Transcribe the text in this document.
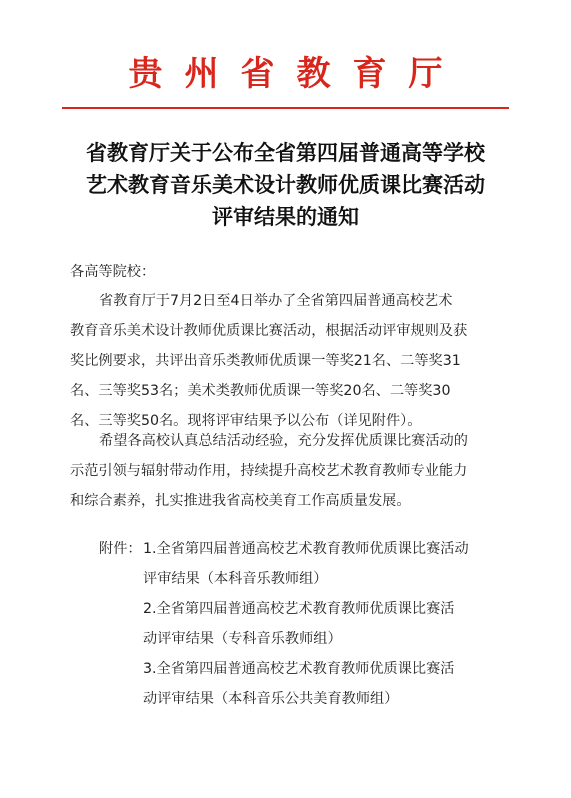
贵州省教育厅
省教育厅关于公布全省第四届普通高等学校
艺术教育音乐美术设计教师优质课比赛活动
评审结果的通知
各高等院校：
省教育厅于7月2日至4日举办了全省第四届普通高校艺术
教育音乐美术设计教师优质课比赛活动，根据活动评审规则及获
奖比例要求，共评出音乐类教师优质课一等奖21名、二等奖31
名、三等奖53名；美术类教师优质课一等奖20名、二等奖30
名、三等奖50名。现将评审结果予以公布（详见附件）。
希望各高校认真总结活动经验，充分发挥优质课比赛活动的
示范引领与辐射带动作用，持续提升高校艺术教育教师专业能力
和综合素养，扎实推进我省高校美育工作高质量发展。
附件：1.全省第四届普通高校艺术教育教师优质课比赛活动
评审结果（本科音乐教师组）
2.全省第四届普通高校艺术教育教师优质课比赛活
动评审结果（专科音乐教师组）
3.全省第四届普通高校艺术教育教师优质课比赛活
动评审结果（本科音乐公共美育教师组）
